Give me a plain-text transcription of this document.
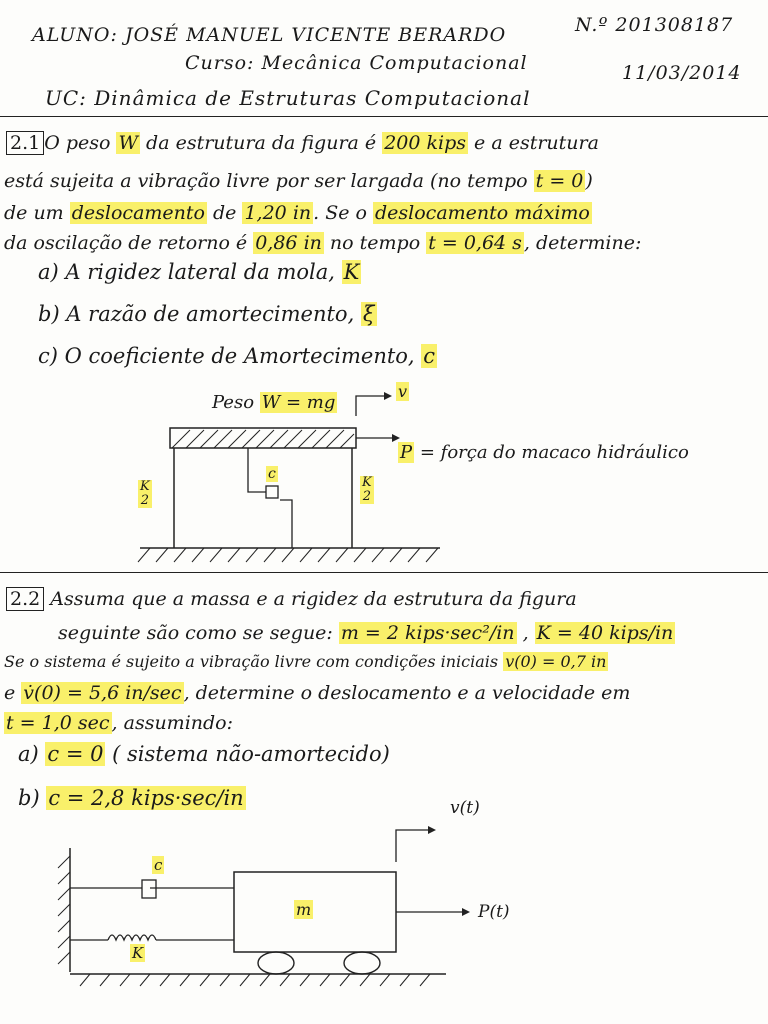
ALUNO: JOSÉ MANUEL VICENTE BERARDO	N.º 201308187
Curso: Mecânica Computacional	11/03/2014
UC: Dinâmica de Estruturas Computacional
2.1 O peso W da estrutura da figura é 200 kips e a estrutura
está sujeita a vibração livre por ser largada (no tempo t = 0 )
de um deslocamento de 1,20 in . Se o deslocamento máximo
da oscilação de retorno é 0,86 in no tempo t = 0,64 s , determine:
a) A rigidez lateral da mola, K
b) A razão de amortecimento, ξ
c) O coeficiente de Amortecimento, c
Peso W = mg
v
P = força do macaco hidráulico
c
K
2
K
2
2.2 Assuma que a massa e a rigidez da estrutura da figura
seguinte são como se segue: m = 2 kips·sec²/in , K = 40 kips/in
Se o sistema é sujeito a vibração livre com condições iniciais v(0) = 0,7 in
e v̇(0) = 5,6 in/sec , determine o deslocamento e a velocidade em
t = 1,0 sec , assumindo:
a) c = 0 ( sistema não-amortecido)
b) c = 2,8 kips·sec/in	v(t)
c
m	P(t)
K
